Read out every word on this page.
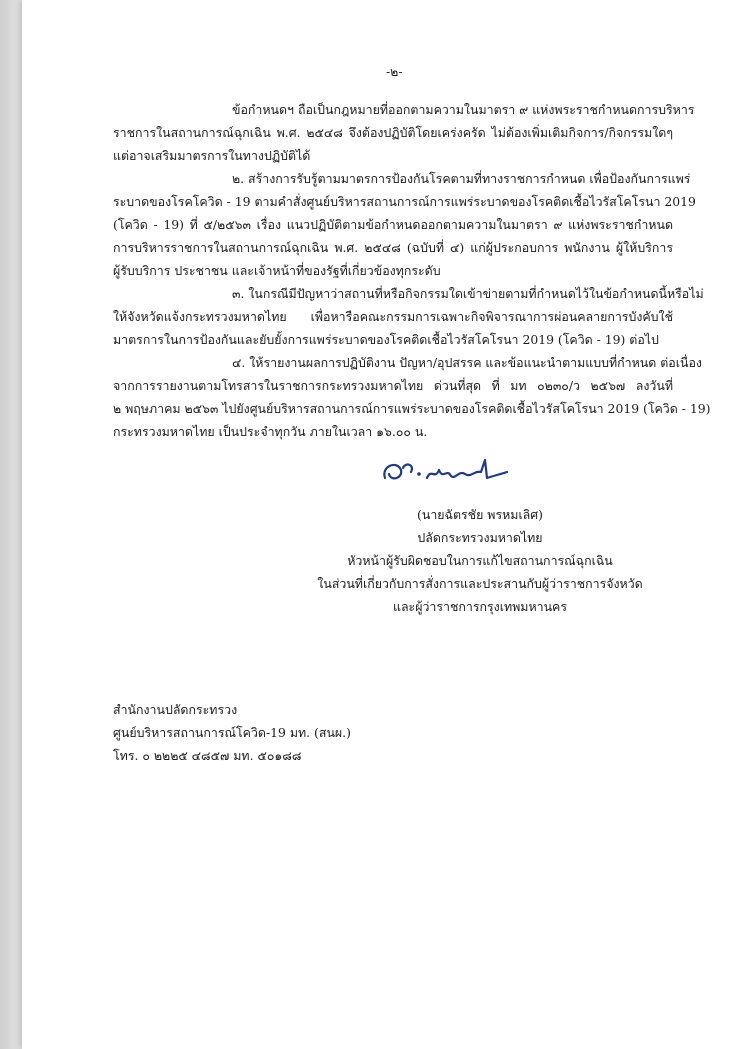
-๒-
ข้อกำหนดฯ ถือเป็นกฎหมายที่ออกตามความในมาตรา ๙ แห่งพระราชกำหนดการบริหาร
ราชการในสถานการณ์ฉุกเฉิน พ.ศ. ๒๕๔๘ จึงต้องปฏิบัติโดยเคร่งครัด ไม่ต้องเพิ่มเติมกิจการ/กิจกรรมใดๆ
แต่อาจเสริมมาตรการในทางปฏิบัติได้
๒. สร้างการรับรู้ตามมาตรการป้องกันโรคตามที่ทางราชการกำหนด เพื่อป้องกันการแพร่
ระบาดของโรคโควิด - 19 ตามคำสั่งศูนย์บริหารสถานการณ์การแพร่ระบาดของโรคติดเชื้อไวรัสโคโรนา 2019
(โควิด - 19) ที่ ๕/๒๕๖๓ เรื่อง แนวปฏิบัติตามข้อกำหนดออกตามความในมาตรา ๙ แห่งพระราชกำหนด
การบริหารราชการในสถานการณ์ฉุกเฉิน พ.ศ. ๒๕๔๘ (ฉบับที่ ๔) แก่ผู้ประกอบการ พนักงาน ผู้ให้บริการ
ผู้รับบริการ ประชาชน และเจ้าหน้าที่ของรัฐที่เกี่ยวข้องทุกระดับ
๓. ในกรณีมีปัญหาว่าสถานที่หรือกิจกรรมใดเข้าข่ายตามที่กำหนดไว้ในข้อกำหนดนี้หรือไม่
ให้จังหวัดแจ้งกระทรวงมหาดไทย เพื่อหารือคณะกรรมการเฉพาะกิจพิจารณาการผ่อนคลายการบังคับใช้
มาตรการในการป้องกันและยับยั้งการแพร่ระบาดของโรคติดเชื้อไวรัสโคโรนา 2019 (โควิด - 19) ต่อไป
๔. ให้รายงานผลการปฏิบัติงาน ปัญหา/อุปสรรค และข้อแนะนำตามแบบที่กำหนด ต่อเนื่อง
จากการรายงานตามโทรสารในราชการกระทรวงมหาดไทย ด่วนที่สุด ที่ มท ๐๒๓๐/ว ๒๕๖๗ ลงวันที่
๒ พฤษภาคม ๒๕๖๓ ไปยังศูนย์บริหารสถานการณ์การแพร่ระบาดของโรคติดเชื้อไวรัสโคโรนา 2019 (โควิด - 19)
กระทรวงมหาดไทย เป็นประจำทุกวัน ภายในเวลา ๑๖.๐๐ น.
(นายฉัตรชัย พรหมเลิศ)
ปลัดกระทรวงมหาดไทย
หัวหน้าผู้รับผิดชอบในการแก้ไขสถานการณ์ฉุกเฉิน
ในส่วนที่เกี่ยวกับการสั่งการและประสานกับผู้ว่าราชการจังหวัด
และผู้ว่าราชการกรุงเทพมหานคร
สำนักงานปลัดกระทรวง
ศูนย์บริหารสถานการณ์โควิด-19 มท. (สนผ.)
โทร. ๐ ๒๒๒๕ ๔๘๕๗ มท. ๕๐๑๘๘
